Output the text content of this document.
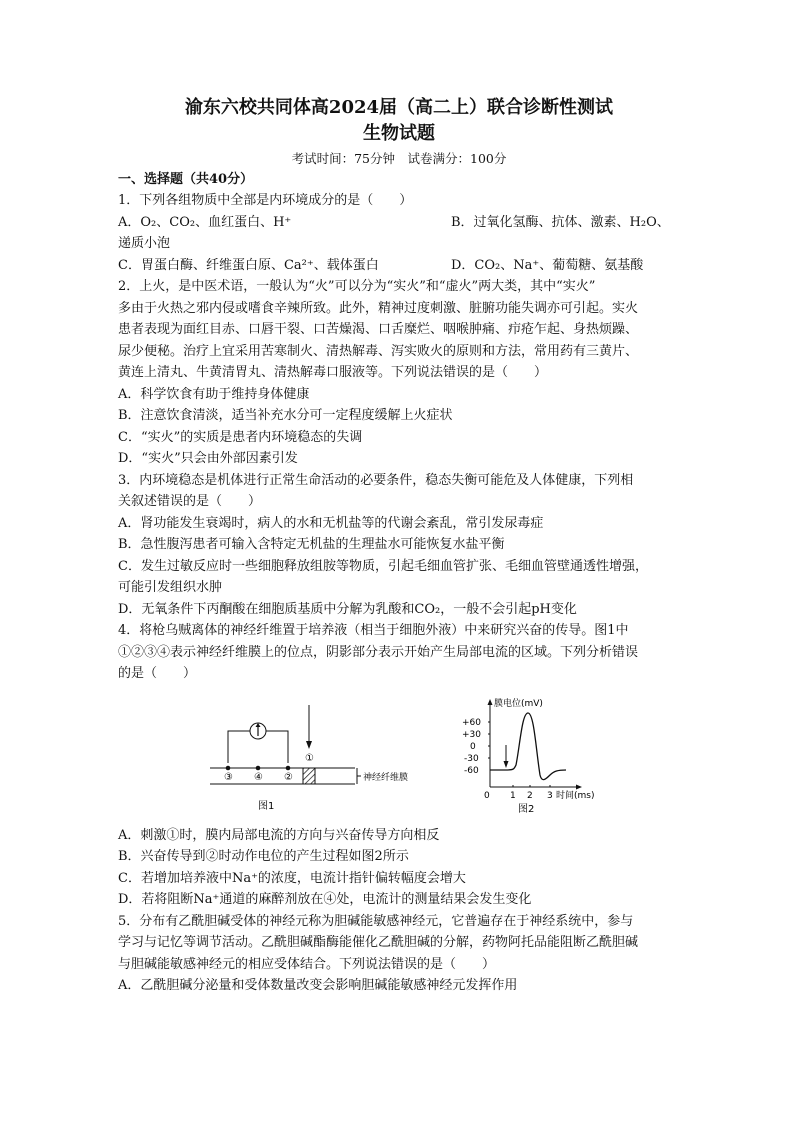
渝东六校共同体高2024届（高二上）联合诊断性测试
生物试题
考试时间：75分钟　试卷满分：100分
一、选择题（共40分）
1．下列各组物质中全部是内环境成分的是（　　）
A．O₂、CO₂、血红蛋白、H⁺	B．过氧化氢酶、抗体、激素、H₂O、
递质小泡
C．胃蛋白酶、纤维蛋白原、Ca²⁺、载体蛋白	D．CO₂、Na⁺、葡萄糖、氨基酸
2．上火，是中医术语，一般认为“火”可以分为“实火”和“虚火”两大类，其中“实火”
多由于火热之邪内侵或嗜食辛辣所致。此外，精神过度刺激、脏腑功能失调亦可引起。实火
患者表现为面红目赤、口唇干裂、口苦燥渴、口舌糜烂、咽喉肿痛、疖疮乍起、身热烦躁、
尿少便秘。治疗上宜采用苦寒制火、清热解毒、泻实败火的原则和方法，常用药有三黄片、
黄连上清丸、牛黄清胃丸、清热解毒口服液等。下列说法错误的是（　　）
A．科学饮食有助于维持身体健康
B．注意饮食清淡，适当补充水分可一定程度缓解上火症状
C．“实火”的实质是患者内环境稳态的失调
D．“实火”只会由外部因素引发
3．内环境稳态是机体进行正常生命活动的必要条件，稳态失衡可能危及人体健康，下列相
关叙述错误的是（　　）
A．肾功能发生衰竭时，病人的水和无机盐等的代谢会紊乱，常引发尿毒症
B．急性腹泻患者可输入含特定无机盐的生理盐水可能恢复水盐平衡
C．发生过敏反应时一些细胞释放组胺等物质，引起毛细血管扩张、毛细血管壁通透性增强，
可能引发组织水肿
D．无氧条件下丙酮酸在细胞质基质中分解为乳酸和CO₂，一般不会引起pH变化
4．将枪乌贼离体的神经纤维置于培养液（相当于细胞外液）中来研究兴奋的传导。图1中
①②③④表示神经纤维膜上的位点，阴影部分表示开始产生局部电流的区域。下列分析错误
的是（　　）
③ ④ ②
①
神经纤维膜
图1
膜电位(mV)
+60
+30
0
-30
-60
0 1 2 3 时间(ms)
图2
A．刺激①时，膜内局部电流的方向与兴奋传导方向相反
B．兴奋传导到②时动作电位的产生过程如图2所示
C．若增加培养液中Na⁺的浓度，电流计指针偏转幅度会增大
D．若将阻断Na⁺通道的麻醉剂放在④处，电流计的测量结果会发生变化
5．分布有乙酰胆碱受体的神经元称为胆碱能敏感神经元，它普遍存在于神经系统中，参与
学习与记忆等调节活动。乙酰胆碱酯酶能催化乙酰胆碱的分解，药物阿托品能阻断乙酰胆碱
与胆碱能敏感神经元的相应受体结合。下列说法错误的是（　　）
A．乙酰胆碱分泌量和受体数量改变会影响胆碱能敏感神经元发挥作用
